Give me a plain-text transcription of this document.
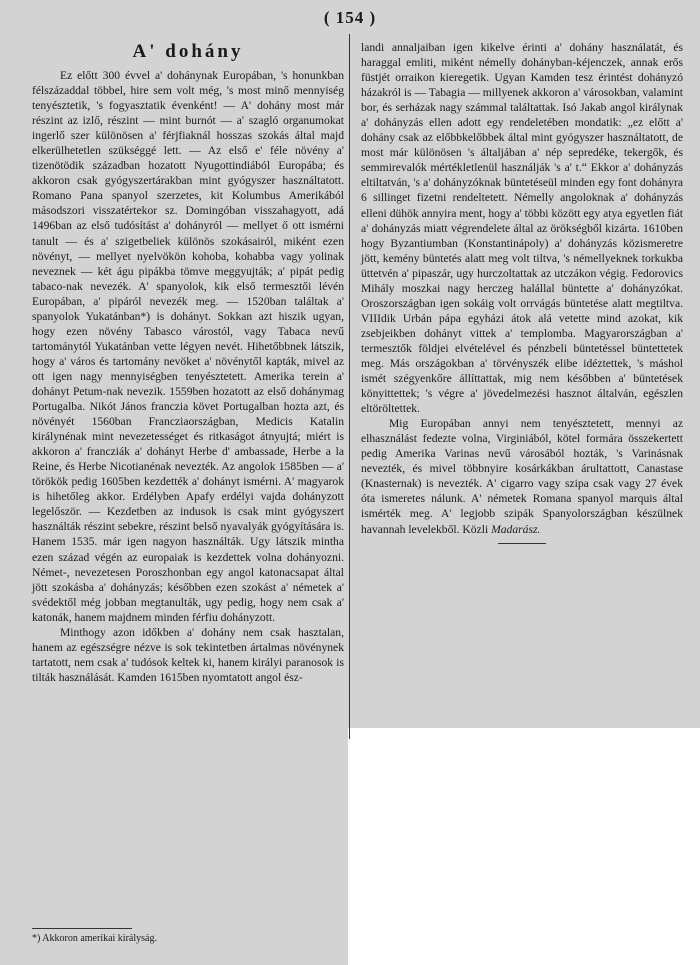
( 154 )
A' dohány

Ez előtt 300 évvel a' dohánynak Europában, 's honunkban félszázaddal többel, hire sem volt még, 's most minő mennyiség tenyésztetik, 's fogyasztatik évenként! — A' dohány most már részint az izlő, részint — mint burnót — a' szagló organumokat ingerlő szer különösen a' férjfiaknál hosszas szokás által majd elkerülhetetlen szükséggé lett. — Az első e' féle növény a' tizenötödik században hozatott Nyugottindiából Europába; és akkoron csak gyógyszertárakban mint gyógyszer használtatott. Romano Pana spanyol szerzetes, kit Kolumbus Amerikából másodszori visszatértekor sz. Domingóban visszahagyott, adá 1496ban az első tudósítást a' dohányról — mellyet ő ott ismérni tanult — és a' szigetbeliek különös szokásairól, miként ezen növényt, — mellyet nyelvökön kohoba, kohabba vagy yolinak neveznek — két águ pipákba tömve meggyujták; a' pipát pedig tabaco-nak nevezék. A' spanyolok, kik első termesztői lévén Europában, a' pipáról nevezék meg. — 1520ban találtak a' spanyolok Yukatánban*) is dohányt. Sokkan azt hiszik ugyan, hogy ezen növény Tabasco várostól, vagy Tabaca nevű tartománytól Yukatánban vette légyen nevét. Hihetőbbnek látszik, hogy a' város és tartomány nevöket a' növénytől kapták, mivel az ott igen nagy mennyiségben tenyésztetett. Amerika terein a' dohányt Petum-nak nevezik. 1559ben hozatott az első dohánymag Portugalba. Nikót János franczia követ Portugalban hozta azt, és növényét 1560ban Franczіaországban, Medicis Katalin királynénak mint nevezetességet és ritkaságot átnyujtá; miért is akkoron a' francziák a' dohányt Herbe d' ambassade, Herbe a la Reine, és Herbe Nicotianénak nevezték. Az angolok 1585ben — a' törökök pedig 1605ben kezdették a' dohányt ismérni. A' magyarok is hihetőleg akkor. Erdélyben Apafy erdélyi vajda dohányzott legelőször. — Kezdetben az indusok is csak mint gyógyszert használták részint sebekre, részint belső nyavalyák gyógyítására is. Hanem 1535. már igen nagyon használták. Ugy látszik mintha ezen század végén az europaiak is kezdettek volna dohányozni. Német-, nevezetesen Poroszhonban egy angol katonacsapat által jött szokásba a' dohányzás; későbben ezen szokást a' németek a' svédektől még jobban megtanulták, ugy pedig, hogy nem csak a' katonák, hanem majdnem minden férfiu dohányzott.

Minthogy azon időkben a' dohány nem csak hasztalan, hanem az egészségre nézve is sok tekintetben ártalmas növénynek tartatott, nem csak a' tudósok keltek ki, hanem királyi paranosok is tilták használását. Kamden 1615ben nyomtatott angol ész-

landi annaljaiban igen kikelve érinti a' dohány használatát, és haraggal emliti, miként némelly dohányban-kéjenczek, annak erős füstjét orraikon kieregetik. Ugyan Kamden tesz érintést dohányzó házakról is — Tabagia — millyenek akkoron a' városokban, valamint bor, és serházak nagy számmal találtattak. Isó Jakab angol királynak a' dohányzás ellen adott egy rendeletében mondatik: „ez előtt a' dohány csak az előbbkelőbbek által mint gyógyszer használtatott, de most már különösen 's általjában a' nép sepredéke, tekergők, és semmirevalók mértékletlenül használják 's a' t.“ Ekkor a' dohányzás eltiltatván, 's a' dohányzóknak büntetéseül minden egy font dohányra 6 sillinget fizetni rendeltetett. Némelly angoloknak a' dohányzás elleni dühök annyira ment, hogy a' többi között egy atya egyetlen fiát a' dohányzás miatt végrendelete által az örökségből kizárta. 1610ben hogy Byzantiumban (Konstantinápoly) a' dohányzás közismeretre jött, kemény büntetés alatt meg volt tiltva, 's némellyeknek torkukba üttetvén a' pipaszár, ugy hurczoltattak az utczákon végig. Fedorovics Mihály moszkai nagy herczeg halállal büntette a' dohányzókat. Oroszországban igen sokáig volt orrvágás büntetése alatt megtiltva. VIIIdik Urbán pápa egyházi átok alá vetette mind azokat, kik zsebjeikben dohányt vittek a' templomba. Magyarországban a' termesztők földjei elvételével és pénzbeli büntetéssel büntettetek meg. Más országokban a' törvényszék elibe idéztettek, 's máshol ismét szégyenkőre állíttattak, mig nem későbben a' büntetések könyittettek; 's végre a' jövedelmezési hasznot általván, egészlen eltöröltettek.

Mig Europában annyi nem tenyésztetett, mennyi az elhasználást fedezte volna, Virginiából, kötel formára összekertett pedig Amerika Varinas nevű városából hozták, 's Varinásnak nevezték, és mivel többnyire kosárkákban árultattott, Canastase (Knasternak) is nevezték. A' cigarro vagy szipa csak vagy 27 évek óta ismeretes nálunk. A' németek Romana spanyol marquis által ismérték meg. A' legjobb szipák Spanyolországban készülnek havannah levelekből. Közli Madarász.

*) Akkoron amerikai királyság.
